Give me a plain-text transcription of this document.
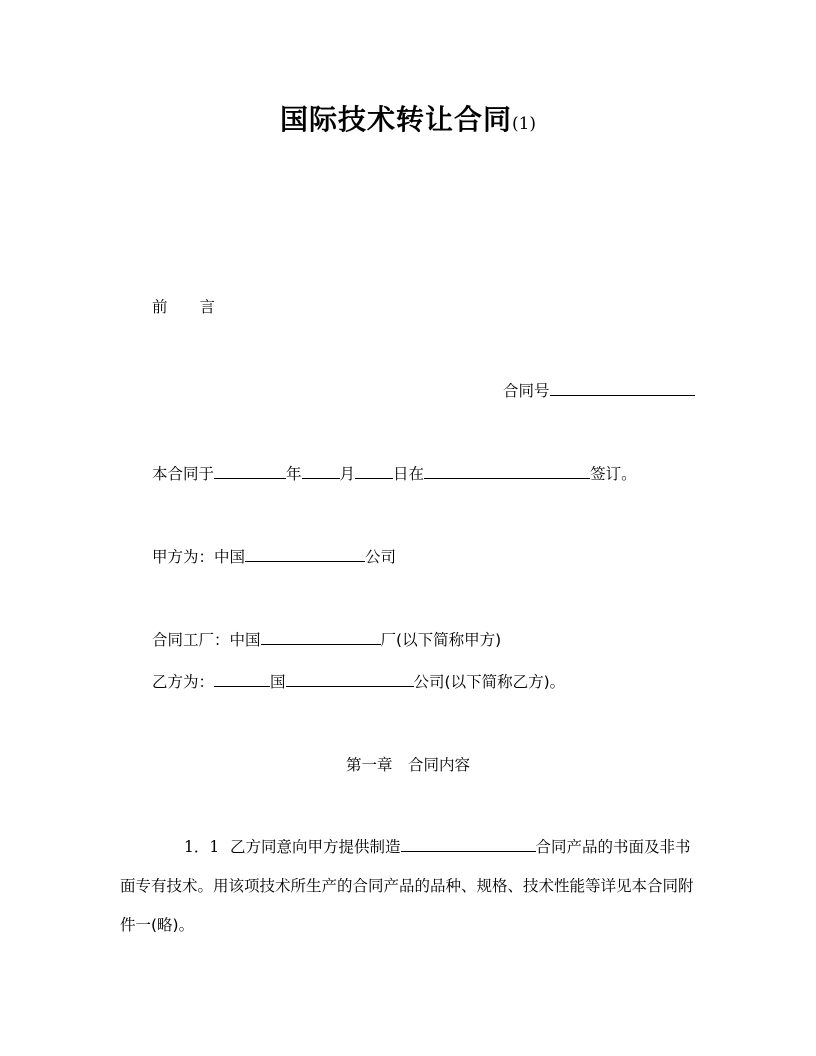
国际技术转让合同(1)
前 言
合同号
本合同于	年 月 日在	签订。
甲方为：中国	公司
合同工厂：中国	厂(以下简称甲方)
乙方为：	国	公司(以下简称乙方)。
第一章　合同内容
1．1 乙方同意向甲方提供制造	合同产品的书面及非书面专有技术。用该项技术所生产的合同产品的品种、规格、技术性能等详见本合同附件一(略)。
